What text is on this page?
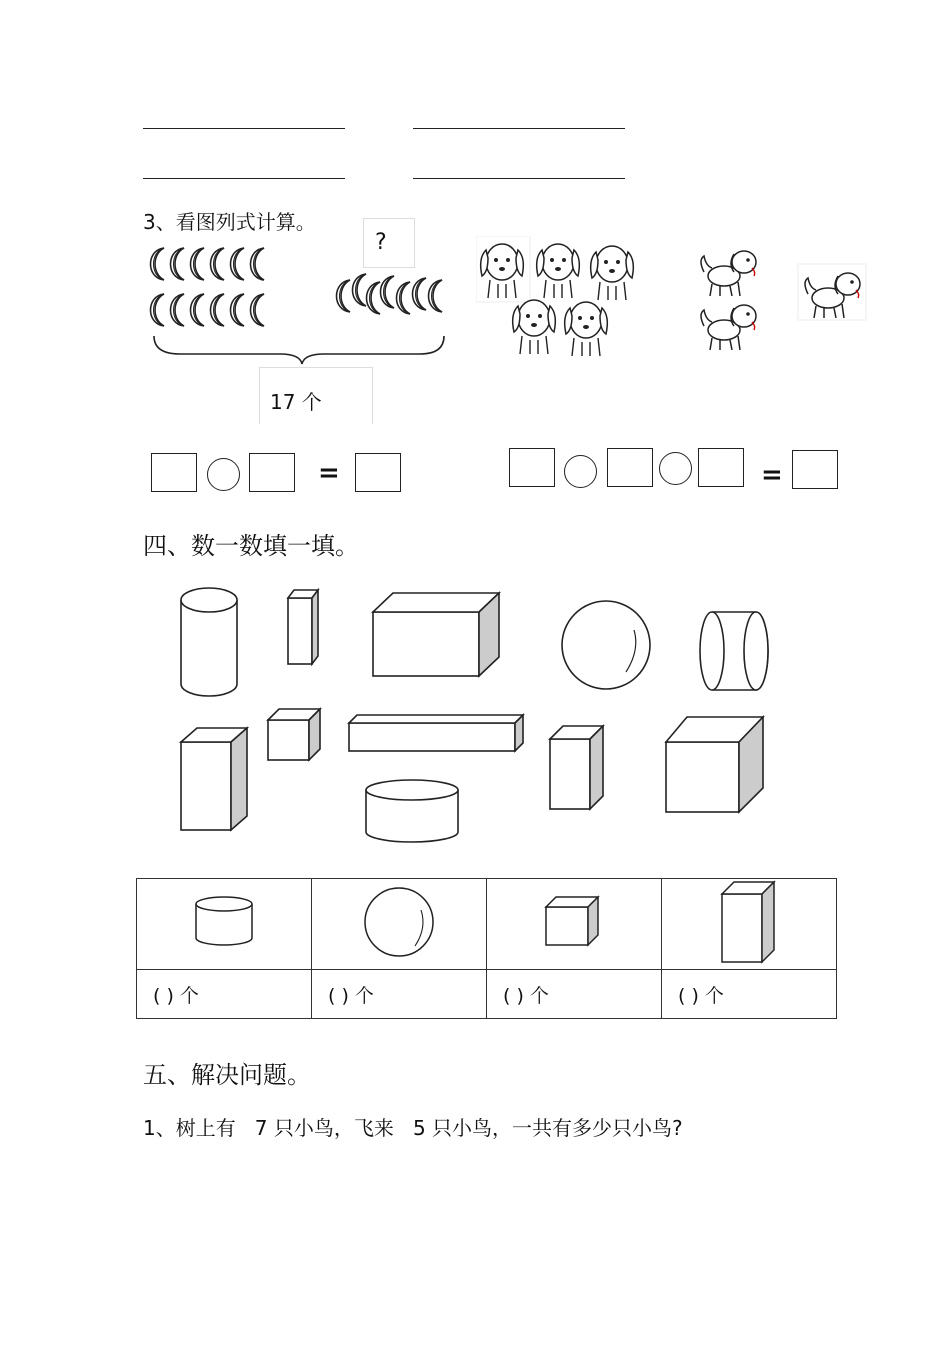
3、看图列式计算。
?
17 个
=	=
四、数一数填一填。

( ) 个	( ) 个	( ) 个	( ) 个
五、解决问题。
1、树上有   7 只小鸟，飞来   5 只小鸟，一共有多少只小鸟?
